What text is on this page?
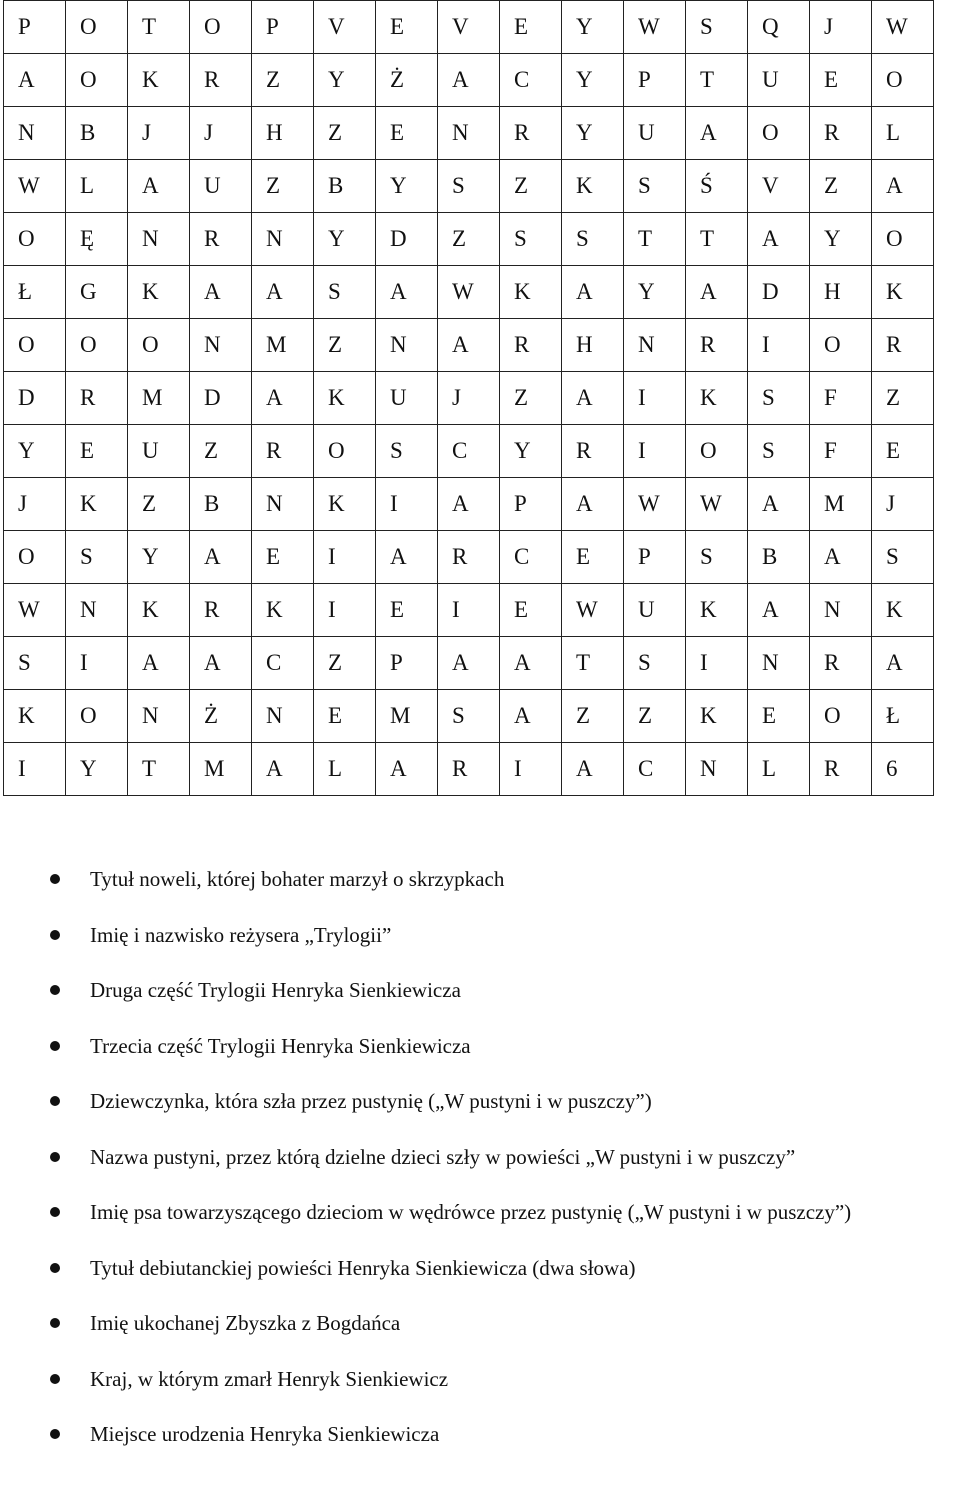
P	O	T	O	P	V	E	V	E	Y	W	S	Q	J	W
A	O	K	R	Z	Y	Ż	A	C	Y	P	T	U	E	O
N	B	J	J	H	Z	E	N	R	Y	U	A	O	R	L
W	L	A	U	Z	B	Y	S	Z	K	S	Ś	V	Z	A
O	Ę	N	R	N	Y	D	Z	S	S	T	T	A	Y	O
Ł	G	K	A	A	S	A	W	K	A	Y	A	D	H	K
O	O	O	N	M	Z	N	A	R	H	N	R	I	O	R
D	R	M	D	A	K	U	J	Z	A	I	K	S	F	Z
Y	E	U	Z	R	O	S	C	Y	R	I	O	S	F	E
J	K	Z	B	N	K	I	A	P	A	W	W	A	M	J
O	S	Y	A	E	I	A	R	C	E	P	S	B	A	S
W	N	K	R	K	I	E	I	E	W	U	K	A	N	K
S	I	A	A	C	Z	P	A	A	T	S	I	N	R	A
K	O	N	Ż	N	E	M	S	A	Z	Z	K	E	O	Ł
I	Y	T	M	A	L	A	R	I	A	C	N	L	R	6
Tytuł noweli, której bohater marzył o skrzypkach
Imię i nazwisko reżysera „Trylogii”
Druga część Trylogii Henryka Sienkiewicza
Trzecia część Trylogii Henryka Sienkiewicza
Dziewczynka, która szła przez pustynię („W pustyni i w puszczy”)
Nazwa pustyni, przez którą dzielne dzieci szły w powieści „W pustyni i w puszczy”
Imię psa towarzyszącego dzieciom w wędrówce przez pustynię („W pustyni i w puszczy”)
Tytuł debiutanckiej powieści Henryka Sienkiewicza (dwa słowa)
Imię ukochanej Zbyszka z Bogdańca
Kraj, w którym zmarł Henryk Sienkiewicz
Miejsce urodzenia Henryka Sienkiewicza
